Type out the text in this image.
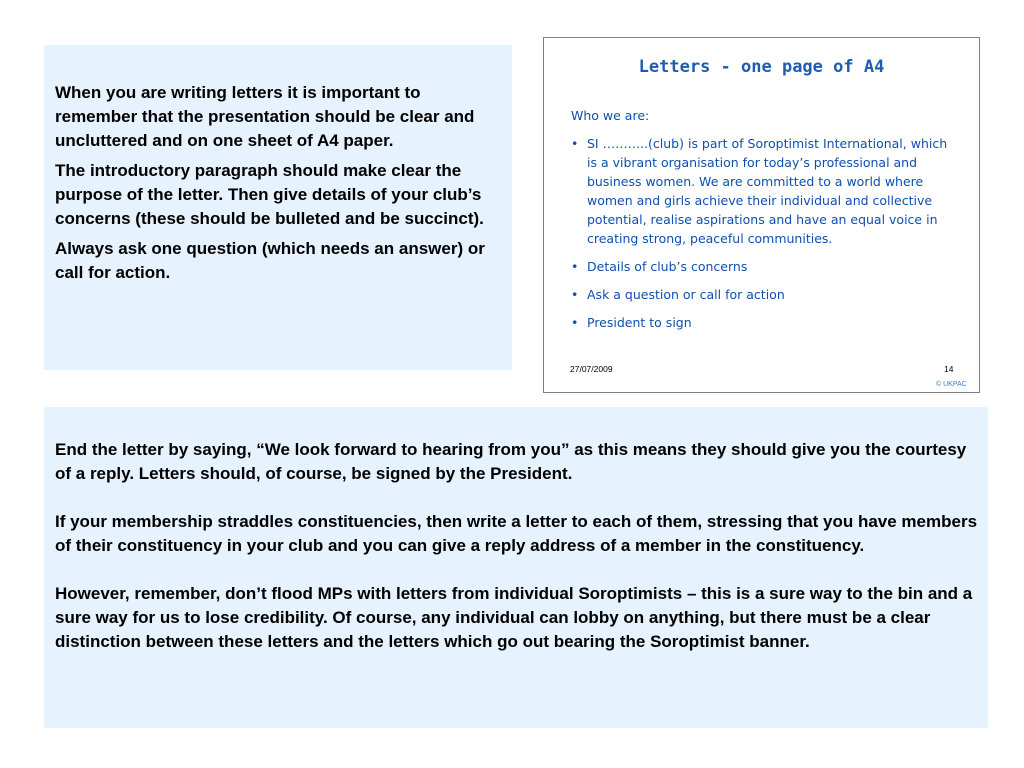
When you are writing letters it is important to remember that the presentation should be clear and uncluttered and on one sheet of A4 paper.

The introductory paragraph should make clear the purpose of the letter. Then give details of your club’s concerns (these should be bulleted and be succinct).

Always ask one question (which needs an answer) or call for action.

Letters - one page of A4
Who we are:
• SI ………..(club) is part of Soroptimist International, which is a vibrant organisation for today’s professional and business women. We are committed to a world where women and girls achieve their individual and collective potential, realise aspirations and have an equal voice in creating strong, peaceful communities.
• Details of club’s concerns
• Ask a question or call for action
• President to sign
27/07/2009	14
© UKPAC

End the letter by saying, “We look forward to hearing from you” as this means they should give you the courtesy of a reply. Letters should, of course, be signed by the President.

If your membership straddles constituencies, then write a letter to each of them, stressing that you have members of their constituency in your club and you can give a reply address of a member in the constituency.

However, remember, don’t flood MPs with letters from individual Soroptimists – this is a sure way to the bin and a sure way for us to lose credibility. Of course, any individual can lobby on anything, but there must be a clear distinction between these letters and the letters which go out bearing the Soroptimist banner.
